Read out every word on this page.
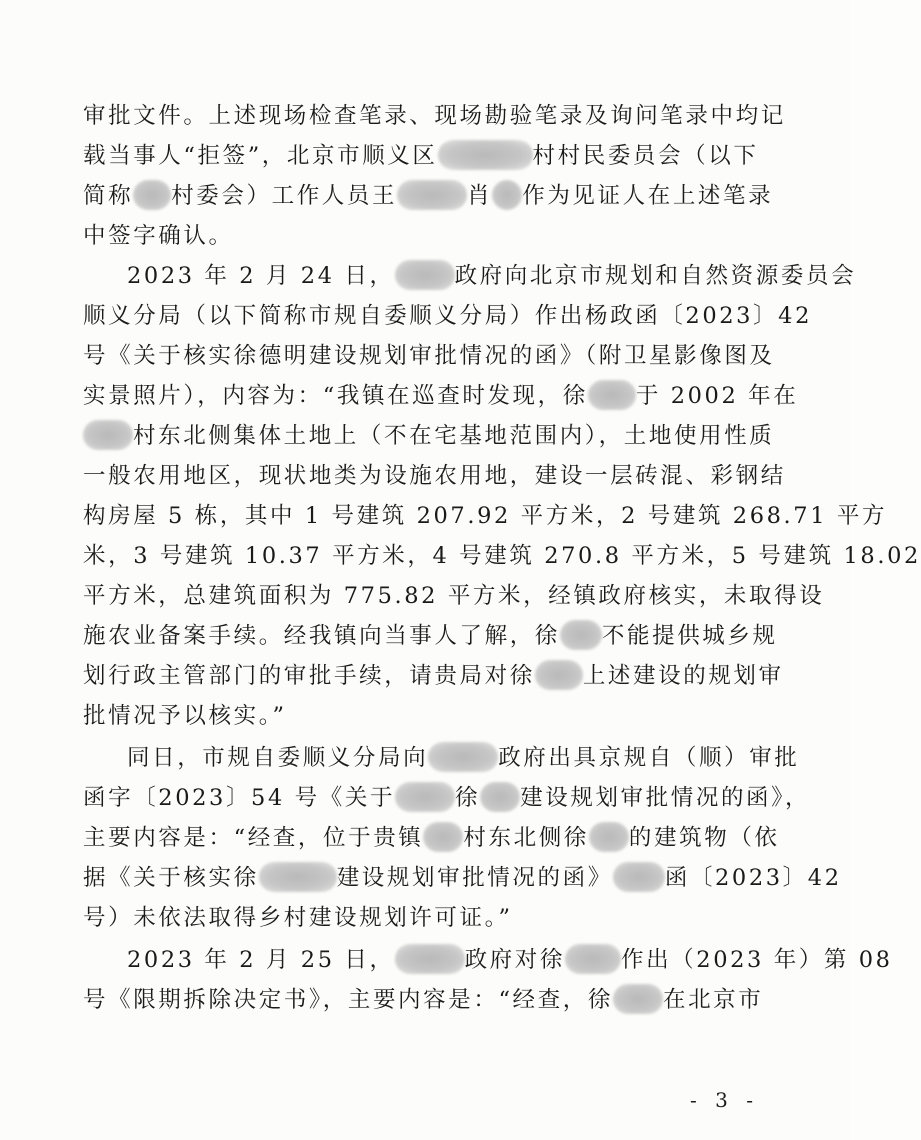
审批文件。上述现场检查笔录、现场勘验笔录及询问笔录中均记
载当事人“拒签”，北京市顺义区	村村民委员会（以下
简称 村委会）工作人员王	肖 作为见证人在上述笔录
中签字确认。
2023 年 2 月 24 日，	政府向北京市规划和自然资源委员会
顺义分局（以下简称市规自委顺义分局）作出杨政函〔2023〕42
号《关于核实徐德明建设规划审批情况的函》（附卫星影像图及
实景照片），内容为：“我镇在巡查时发现，徐 于 2002 年在
村东北侧集体土地上（不在宅基地范围内），土地使用性质
一般农用地区，现状地类为设施农用地，建设一层砖混、彩钢结
构房屋 5 栋，其中 1 号建筑 207.92 平方米，2 号建筑 268.71 平方
米，3 号建筑 10.37 平方米，4 号建筑 270.8 平方米，5 号建筑 18.02
平方米，总建筑面积为 775.82 平方米，经镇政府核实，未取得设
施农业备案手续。经我镇向当事人了解，徐 不能提供城乡规
划行政主管部门的审批手续，请贵局对徐 上述建设的规划审
批情况予以核实。”
同日，市规自委顺义分局向	政府出具京规自（顺）审批
函字〔2023〕54 号《关于	徐 建设规划审批情况的函》，
主要内容是：“经查，位于贵镇 村东北侧徐 的建筑物（依
据《关于核实徐	建设规划审批情况的函》 函〔2023〕42
号）未依法取得乡村建设规划许可证。”
2023 年 2 月 25 日，	政府对徐 作出（2023 年）第 08
号《限期拆除决定书》，主要内容是：“经查，徐 在北京市
- 3 -
